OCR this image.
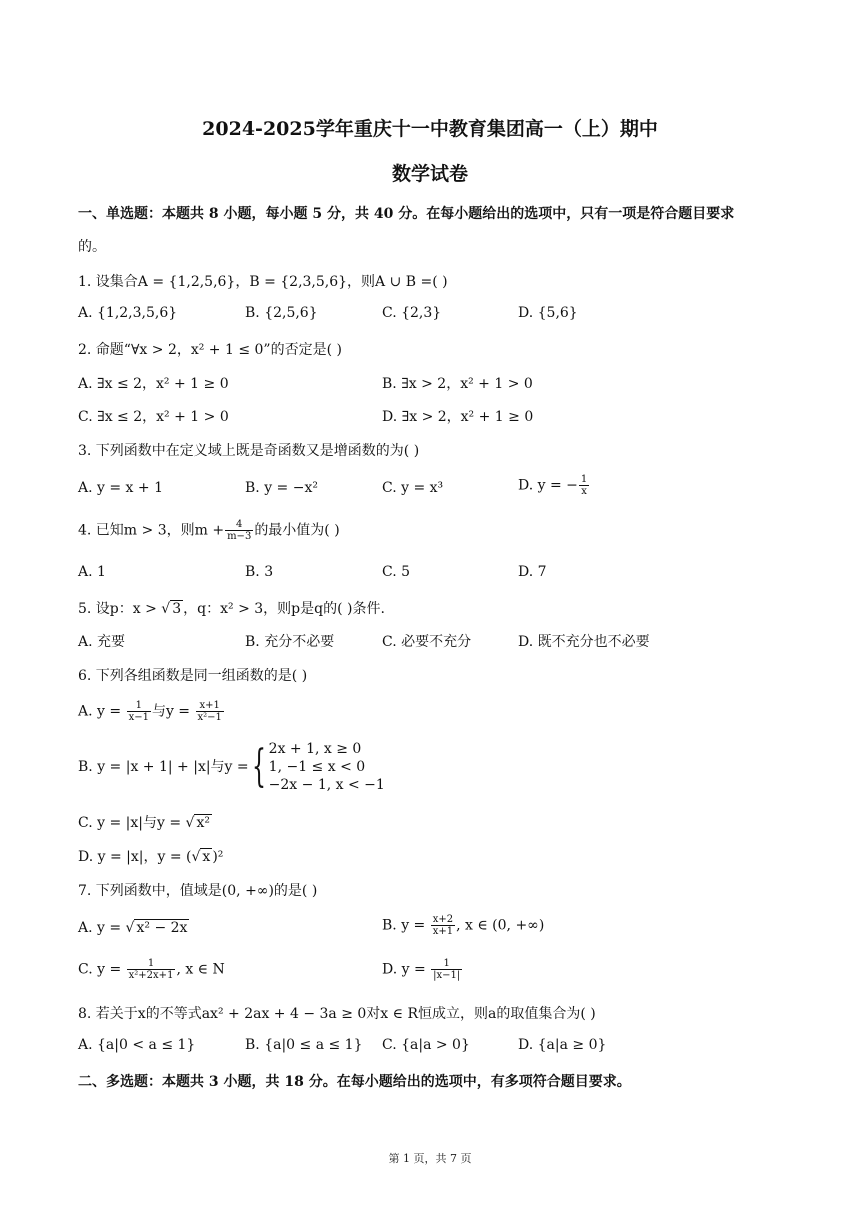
2024-2025学年重庆十一中教育集团高一（上）期中
数学试卷
一、单选题：本题共 8 小题，每小题 5 分，共 40 分。在每小题给出的选项中，只有一项是符合题目要求
的。
1. 设集合A = {1,2,5,6}，B = {2,3,5,6}，则A ∪ B =( )
A. {1,2,3,5,6}	B. {2,5,6}	C. {2,3}	D. {5,6}
2. 命题“∀x > 2，x² + 1 ≤ 0”的否定是( )
A. ∃x ≤ 2，x² + 1 ≥ 0	B. ∃x > 2，x² + 1 > 0
C. ∃x ≤ 2，x² + 1 > 0	D. ∃x > 2，x² + 1 ≥ 0
3. 下列函数中在定义域上既是奇函数又是增函数的为( )
A. y = x + 1	B. y = −x²	C. y = x³	D. y = − $\frac{1}{x}$
4. 已知m > 3，则$m + \frac{4}{m-3}$ 的最小值为( )
A. 1	B. 3	C. 5	D. 7
5. 设p：x > √ 3 ，q：x² > 3，则p是q的( )条件.
A. 充要	B. 充分不必要	C. 必要不充分	D. 既不充分也不必要
6. 下列各组函数是同一组函数的是( )
A. $y = \frac{1}{x-1}$ 与$y = \frac{x+1}{\text{x²−1}}$
B. y = |x + 1| + |x|与y ={ 2x + 1, x ≥ 0
1, −1 ≤ x < 0
−2x − 1, x < −1
C. y = |x|与y = √ x²
D. y = |x|，y = (√ x )²
7. 下列函数中，值域是(0, +∞)的是( )
A. y = √ x² − 2x	B. $y = \frac{x+2}{x+1}$ , x ∈ (0, +∞)
C. $y = \frac{1}{\text{x²+2x+1}}$ , x ∈ N	D. $y = \frac{1}{|x-1|}$
8. 若关于x的不等式ax² + 2ax + 4 − 3a ≥ 0对x ∈ R恒成立，则a的取值集合为( )
A. {a|0 < a ≤ 1}	B. {a|0 ≤ a ≤ 1} C. {a|a > 0}	D. {a|a ≥ 0}
二、多选题：本题共 3 小题，共 18 分。在每小题给出的选项中，有多项符合题目要求。
第 1 页，共 7 页
